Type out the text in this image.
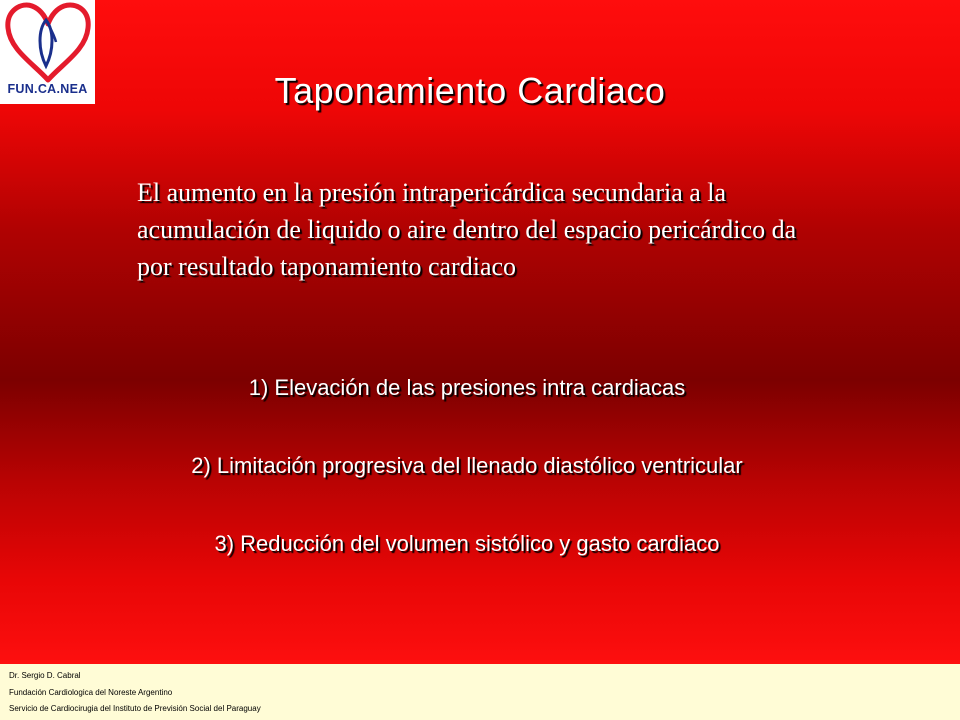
FUN.CA.NEA	Taponamiento Cardiaco
El aumento en la presión intrapericárdica secundaria a la acumulación de liquido o aire dentro del espacio pericárdico da por resultado taponamiento cardiaco
1) Elevación de las presiones intra cardiacas
2) Limitación progresiva del llenado diastólico ventricular
3) Reducción del volumen sistólico y gasto cardiaco
Dr. Sergio D. Cabral
Fundación Cardiologica del Noreste Argentino
Servicio de Cardiocirugia del Instituto de Previsión Social del Paraguay
